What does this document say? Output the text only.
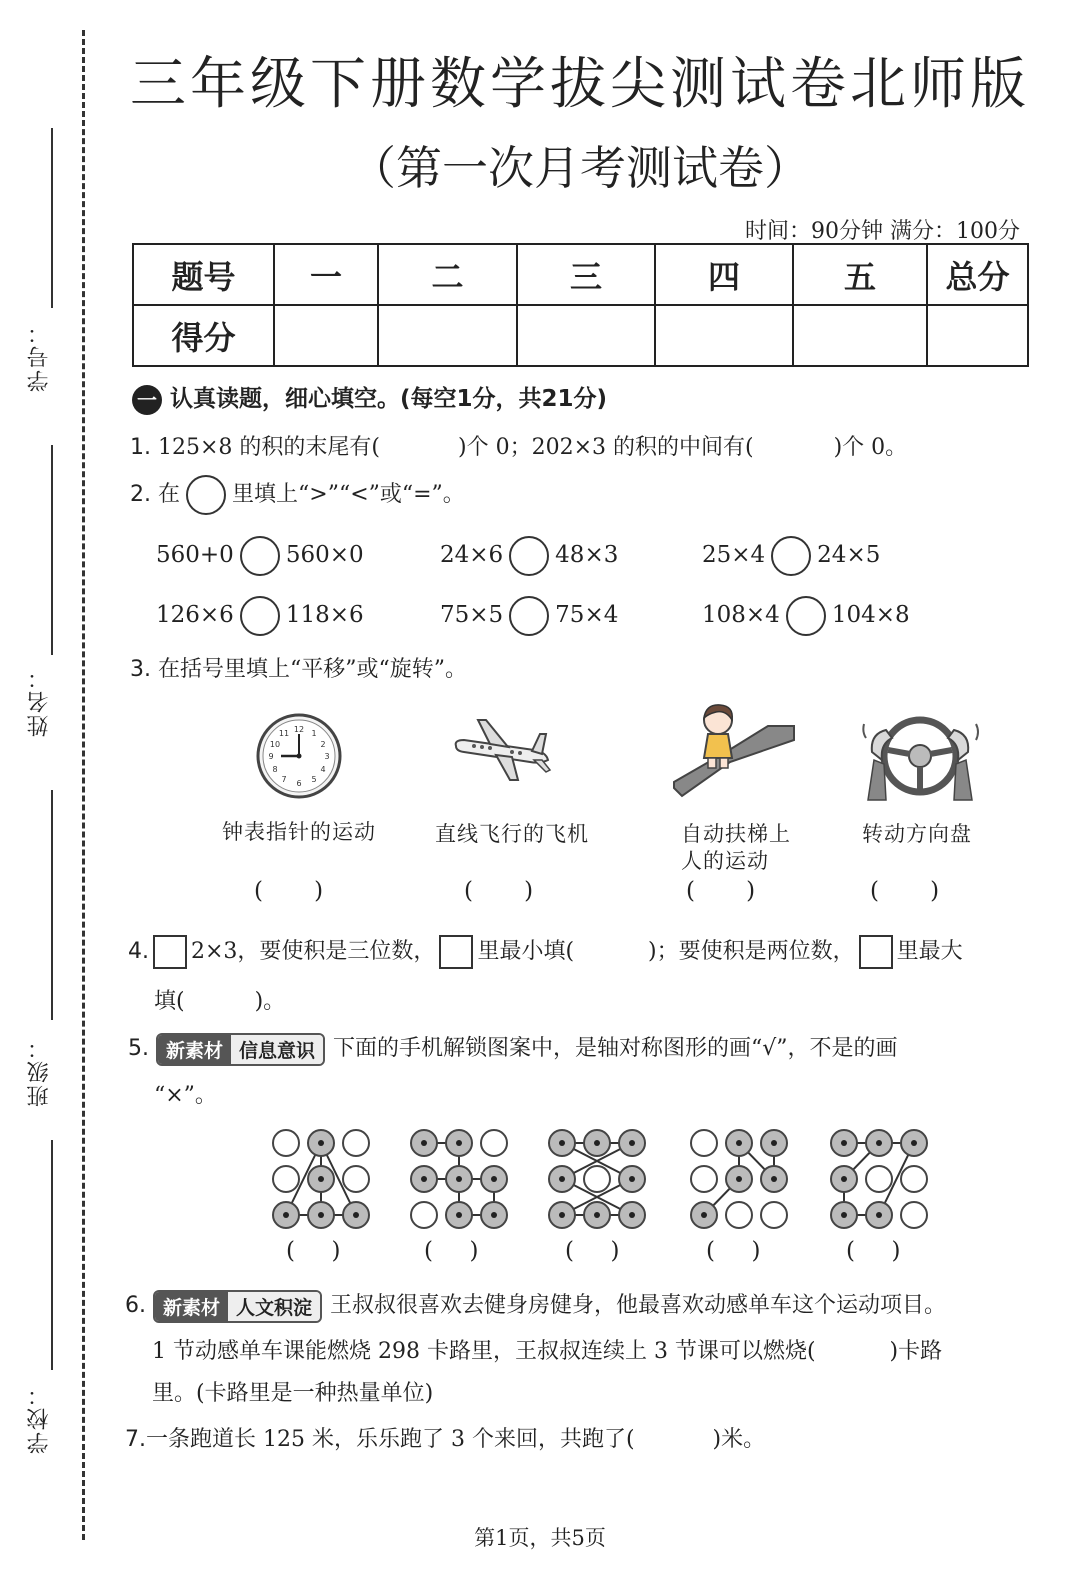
学号：
姓名：
班级：
学校：
三年级下册数学拔尖测试卷北师版
（第一次月考测试卷）
时间：90分钟 满分：100分
题号	一	二	三	四	五	总分
得分						
一 认真读题，细心填空。(每空1分，共21分)
1. 125×8 的积的末尾有(	)个 0；202×3 的积的中间有(	)个 0。
2. 在 里填上“>”“<”或“=”。
560+0 560×0	24×6 48×3	25×4 24×5
126×6 118×6	75×5 75×4	108×4 104×8
3. 在括号里填上“平移”或“旋转”。
12 1
2
3
4
5
6
7
8
9
10
11
钟表指针的运动	直线飞行的飞机	自动扶梯上
人的运动
转动方向盘
(       )	(       )	(       )	(       )
4. 2×3，要使积是三位数， 里最小填(	)；要使积是两位数， 里最大
填(	)。
5. 新素材 信息意识 下面的手机解锁图案中，是轴对称图形的画“√”，不是的画
“×”。
(     )	(     )	(     )	(     )	(     )
6. 新素材 人文积淀 王叔叔很喜欢去健身房健身，他最喜欢动感单车这个运动项目。
1 节动感单车课能燃烧 298 卡路里，王叔叔连续上 3 节课可以燃烧(	)卡路
里。(卡路里是一种热量单位)
7.一条跑道长 125 米，乐乐跑了 3 个来回，共跑了(	)米。
第1页，共5页
